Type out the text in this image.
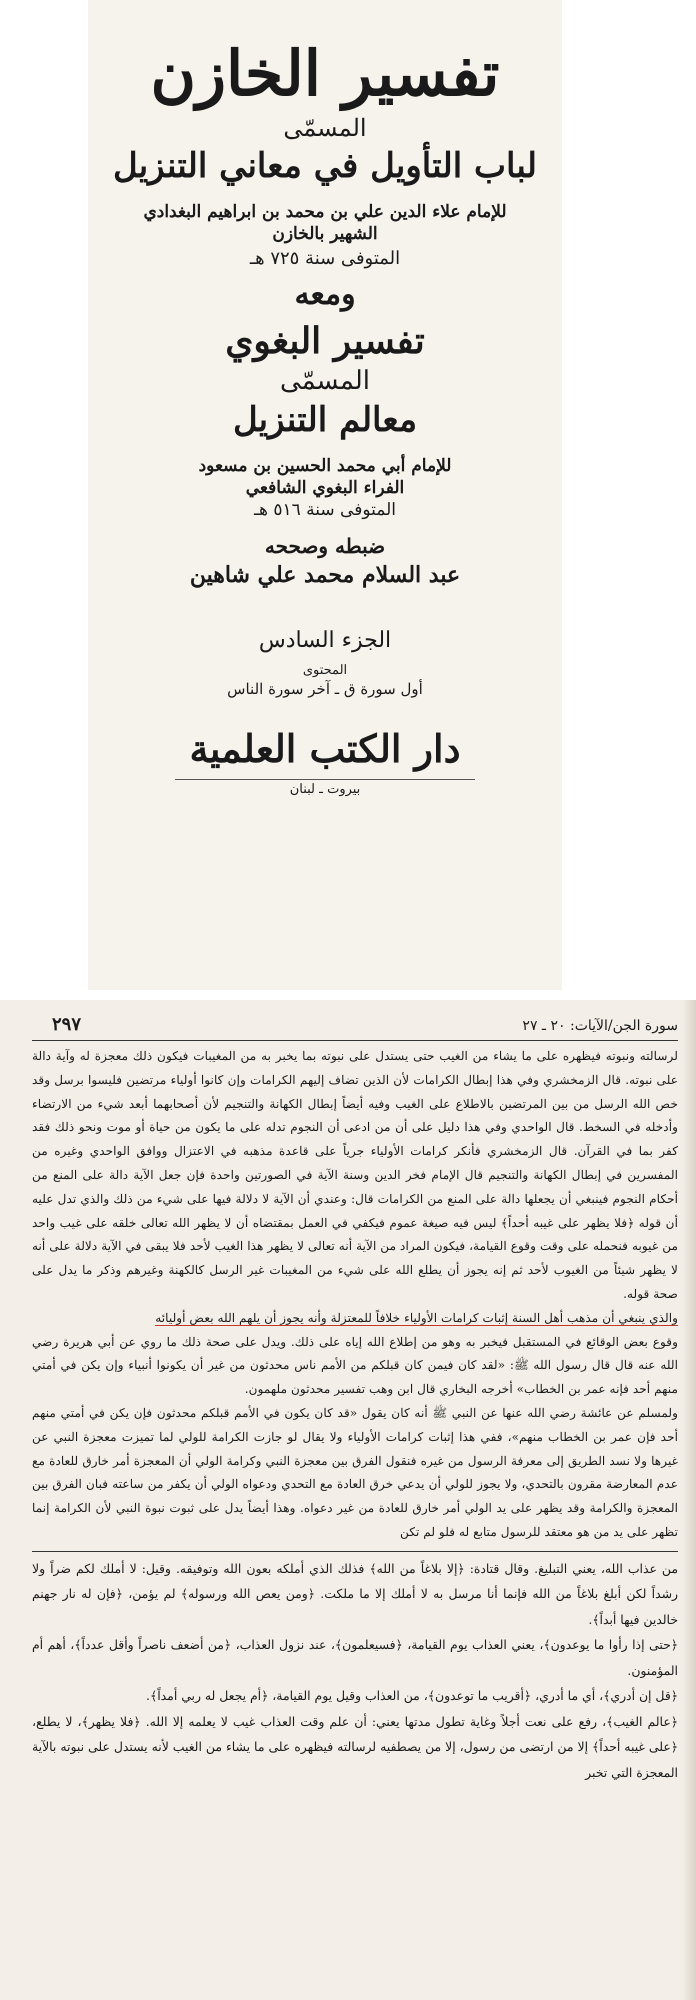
تفسير الخازن
المسمّى
لباب التأويل في معاني التنزيل
للإمام علاء الدين علي بن محمد بن ابراهيم البغدادي
الشهير بالخازن
المتوفى سنة ٧٢٥ هـ
ومعه
تفسير البغوي
المسمّى
معالم التنزيل
للإمام أبي محمد الحسين بن مسعود
الفراء البغوي الشافعي
المتوفى سنة ٥١٦ هـ
ضبطه وصححه
عبد السلام محمد علي شاهين
الجزء السادس
المحتوى
أول سورة ق ـ آخر سورة الناس
دار الكتب العلمية
بيروت ـ لبنان
سورة الجن/الآيات: ٢٠ ـ ٢٧
٢٩٧

لرسالته ونبوته فيظهره على ما يشاء من الغيب حتى يستدل على نبوته بما يخبر به من المغيبات فيكون ذلك معجزة له وآية دالة على نبوته. قال الزمخشري وفي هذا إبطال الكرامات لأن الذين تضاف إليهم الكرامات وإن كانوا أولياء مرتضين فليسوا برسل وقد خص الله الرسل من بين المرتضين بالاطلاع على الغيب وفيه أيضاً إبطال الكهانة والتنجيم لأن أصحابهما أبعد شيء من الارتضاء وأدخله في السخط. قال الواحدي وفي هذا دليل على أن من ادعى أن النجوم تدله على ما يكون من حياة أو موت ونحو ذلك فقد كفر بما في القرآن. قال الزمخشري فأنكر كرامات الأولياء جرياً على قاعدة مذهبه في الاعتزال ووافق الواحدي وغيره من المفسرين في إبطال الكهانة والتنجيم قال الإمام فخر الدين وسنة الآية في الصورتين واحدة فإن جعل الآية دالة على المنع من أحكام النجوم فينبغي أن يجعلها دالة على المنع من الكرامات قال: وعندي أن الآية لا دلالة فيها على شيء من ذلك والذي تدل عليه أن قوله ﴿فلا يظهر على غيبه أحداً﴾ ليس فيه صيغة عموم فيكفي في العمل بمقتضاه أن لا يظهر الله تعالى خلقه على غيب واحد من غيوبه فنحمله على وقت وقوع القيامة، فيكون المراد من الآية أنه تعالى لا يظهر هذا الغيب لأحد فلا يبقى في الآية دلالة على أنه لا يظهر شيئاً من الغيوب لأحد ثم إنه يجوز أن يطلع الله على شيء من المغيبات غير الرسل كالكهنة وغيرهم وذكر ما يدل على صحة قوله.

والذي ينبغي أن مذهب أهل السنة إثبات كرامات الأولياء خلافاً للمعتزلة وأنه يجوز أن يلهم الله بعض أوليائه

وقوع بعض الوقائع في المستقبل فيخبر به وهو من إطلاع الله إياه على ذلك. ويدل على صحة ذلك ما روي عن أبي هريرة رضي الله عنه قال قال رسول الله ﷺ: «لقد كان فيمن كان قبلكم من الأمم ناس محدثون من غير أن يكونوا أنبياء وإن يكن في أمتي منهم أحد فإنه عمر بن الخطاب» أخرجه البخاري قال ابن وهب تفسير محدثون ملهمون.

ولمسلم عن عائشة رضي الله عنها عن النبي ﷺ أنه كان يقول «قد كان يكون في الأمم قبلكم محدثون فإن يكن في أمتي منهم أحد فإن عمر بن الخطاب منهم»، ففي هذا إثبات كرامات الأولياء ولا يقال لو جازت الكرامة للولي لما تميزت معجزة النبي عن غيرها ولا نسد الطريق إلى معرفة الرسول من غيره فنقول الفرق بين معجزة النبي وكرامة الولي أن المعجزة أمر خارق للعادة مع عدم المعارضة مقرون بالتحدي، ولا يجوز للولي أن يدعي خرق العادة مع التحدي ودعواه الولي أن يكفر من ساعته فبان الفرق بين المعجزة والكرامة وقد يظهر على يد الولي أمر خارق للعادة من غير دعواه. وهذا أيضاً يدل على ثبوت نبوة النبي لأن الكرامة إنما تظهر على يد من هو معتقد للرسول متابع له فلو لم تكن

من عذاب الله، يعني التبليغ. وقال قتادة: ﴿إلا بلاغاً من الله﴾ فذلك الذي أملكه بعون الله وتوفيقه. وقيل: لا أملك لكم ضراً ولا رشداً لكن أبلغ بلاغاً من الله فإنما أنا مرسل به لا أملك إلا ما ملكت. ﴿ومن يعص الله ورسوله﴾ لم يؤمن، ﴿فإن له نار جهنم خالدين فيها أبداً﴾.

﴿حتى إذا رأوا ما يوعدون﴾، يعني العذاب يوم القيامة، ﴿فسيعلمون﴾، عند نزول العذاب، ﴿من أضعف ناصراً وأقل عدداً﴾، أهم أم المؤمنون.

﴿قل إن أدري﴾، أي ما أدري، ﴿أقريب ما توعدون﴾، من العذاب وقيل يوم القيامة، ﴿أم يجعل له ربي أمداً﴾.

﴿عالم الغيب﴾، رفع على نعت أجلاً وغاية تطول مدتها يعني: أن علم وقت العذاب غيب لا يعلمه إلا الله. ﴿فلا يظهر﴾، لا يطلع، ﴿على غيبه أحداً﴾ إلا من ارتضى من رسول، إلا من يصطفيه لرسالته فيظهره على ما يشاء من الغيب لأنه يستدل على نبوته بالآية المعجزة التي تخبر
